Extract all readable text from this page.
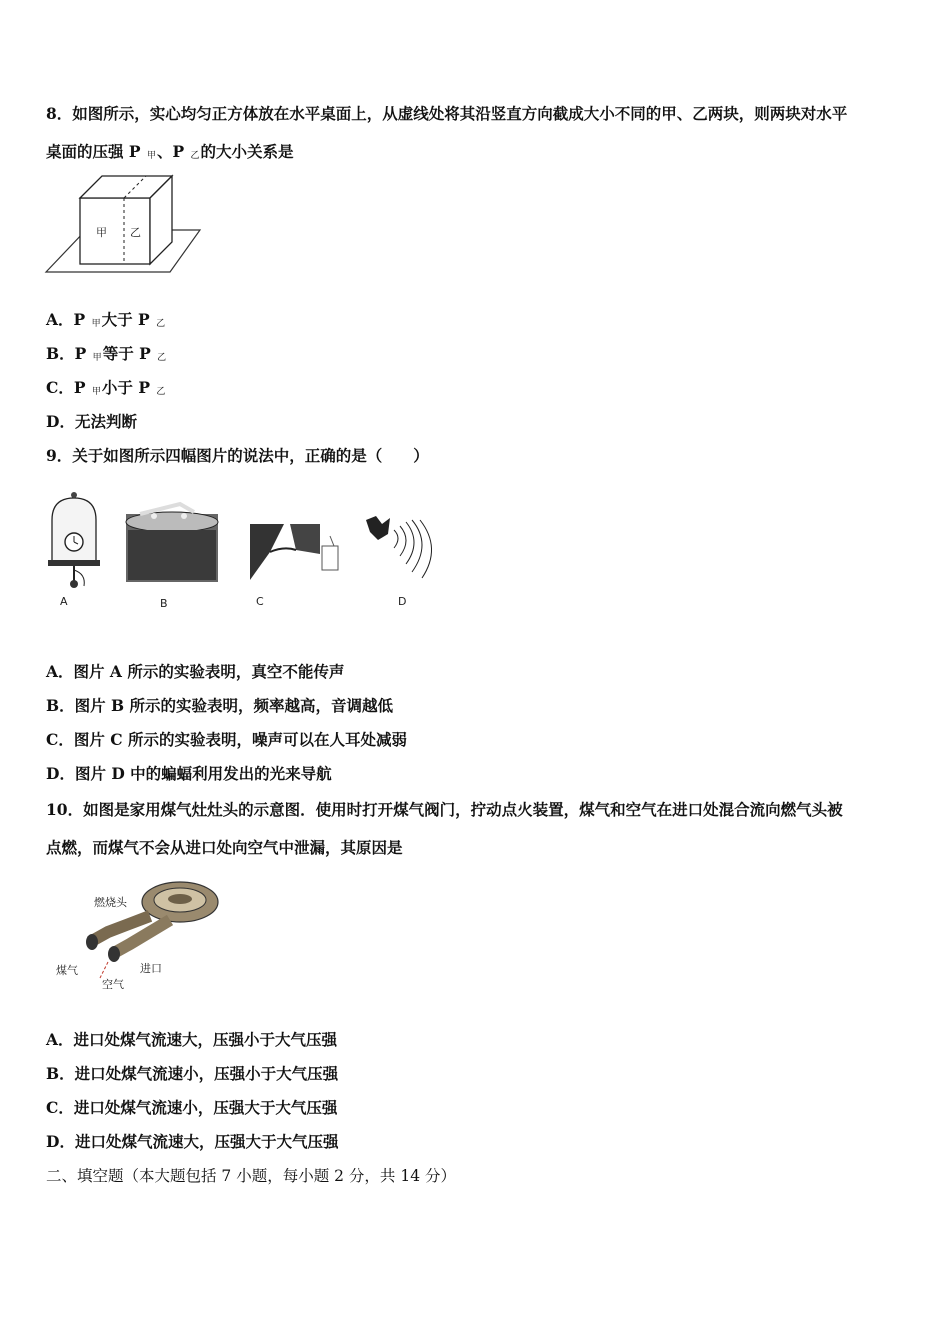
8．如图所示，实心均匀正方体放在水平桌面上，从虚线处将其沿竖直方向截成大小不同的甲、乙两块，则两块对水平
桌面的压强 P 甲、P 乙的大小关系是
甲 乙
A．P 甲大于 P 乙
B．P 甲等于 P 乙
C．P 甲小于 P 乙
D．无法判断
9．关于如图所示四幅图片的说法中，正确的是（　　）
A	B	C	D
A．图片 A 所示的实验表明，真空不能传声
B．图片 B 所示的实验表明，频率越高，音调越低
C．图片 C 所示的实验表明，噪声可以在人耳处减弱
D．图片 D 中的蝙蝠利用发出的光来导航
10．如图是家用煤气灶灶头的示意图．使用时打开煤气阀门，拧动点火装置，煤气和空气在进口处混合流向燃气头被
点燃，而煤气不会从进口处向空气中泄漏，其原因是
燃烧头
煤气
空气
进口
A．进口处煤气流速大，压强小于大气压强
B．进口处煤气流速小，压强小于大气压强
C．进口处煤气流速小，压强大于大气压强
D．进口处煤气流速大，压强大于大气压强
二、填空题（本大题包括 7 小题，每小题 2 分，共 14 分）
